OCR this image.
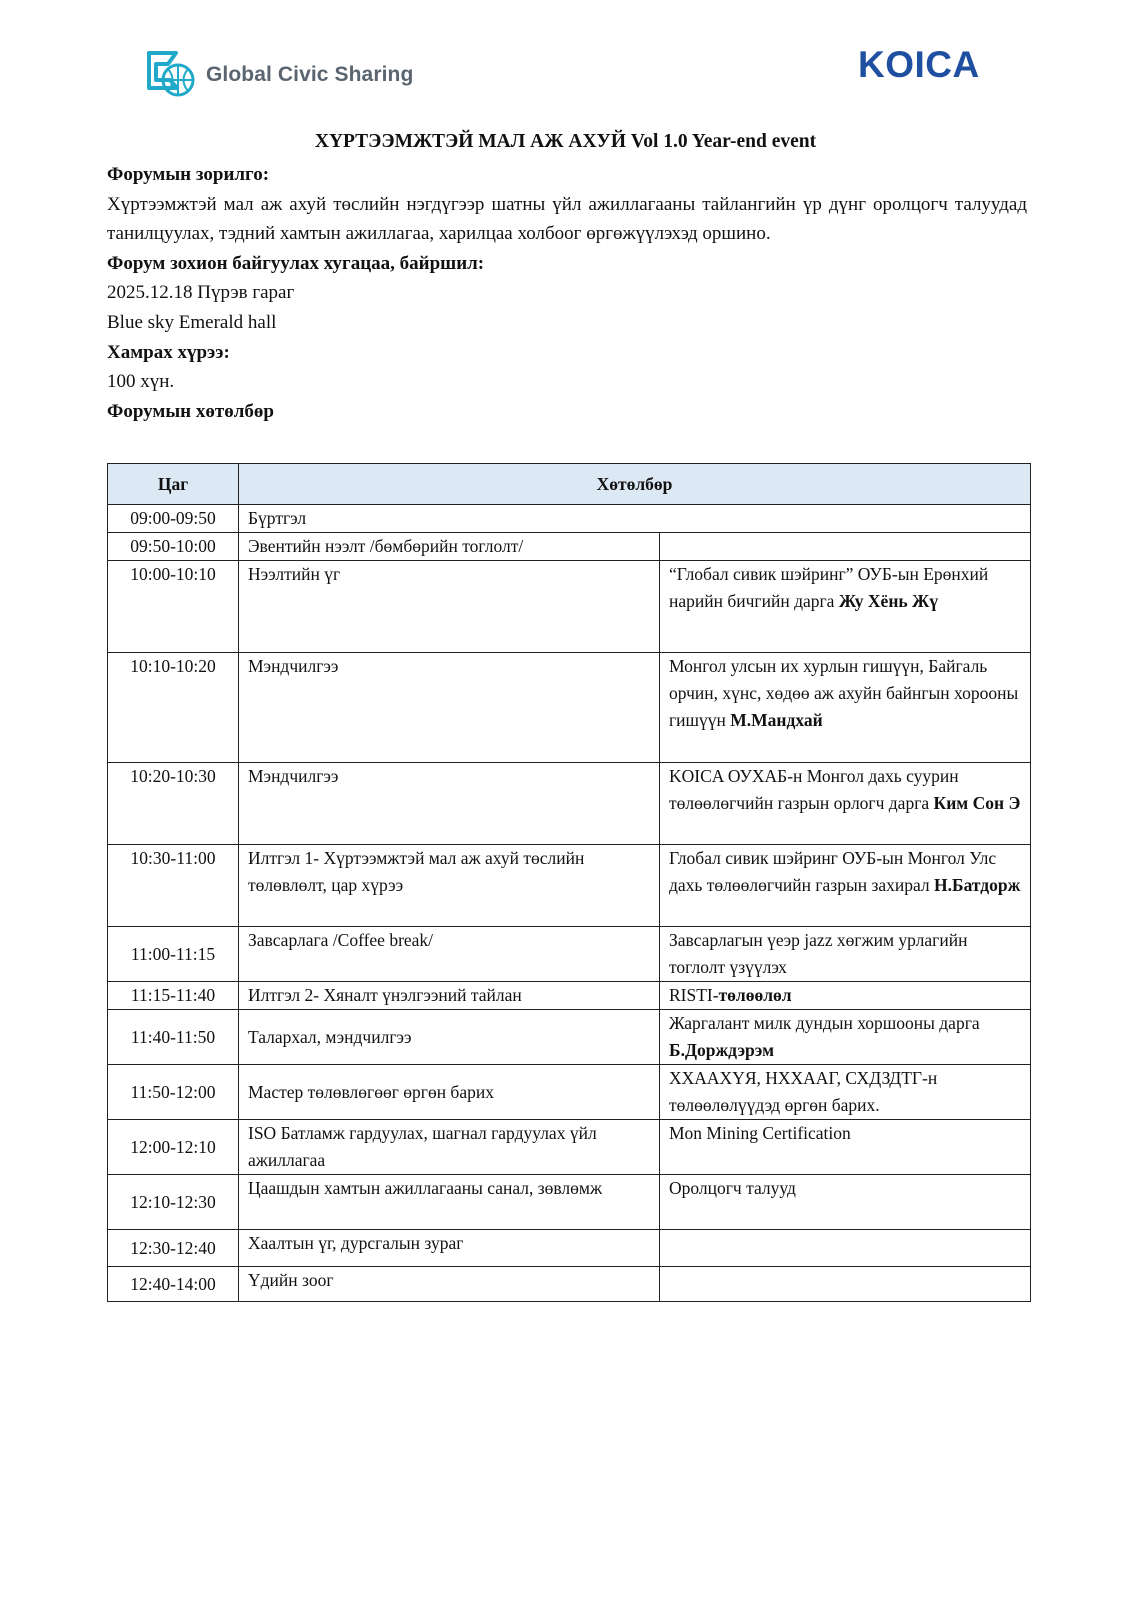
Global Civic Sharing	KOICA
ХҮРТЭЭМЖТЭЙ МАЛ АЖ АХУЙ Vol 1.0 Year-end event

Форумын зорилго:

Хүртээмжтэй мал аж ахуй төслийн нэгдүгээр шатны үйл ажиллагааны тайлангийн үр дүнг оролцогч талуудад танилцуулах, тэдний хамтын ажиллагаа, харилцаа холбоог өргөжүүлэхэд оршино.

Форум зохион байгуулах хугацаа, байршил:

2025.12.18 Пүрэв гараг

Blue sky Emerald hall

Хамрах хүрээ:

100 хүн.

Форумын хөтөлбөр

Цаг	Хөтөлбөр	
09:00-09:50	Бүртгэл	
09:50-10:00	Эвентийн нээлт /бөмбөрийн тоглолт/	
10:00-10:10	Нээлтийн үг	“Глобал сивик шэйринг” ОУБ-ын Ерөнхий нарийн бичгийн дарга Жу Хёнь Жү
10:10-10:20	Мэндчилгээ	Монгол улсын их хурлын гишүүн, Байгаль орчин, хүнс, хөдөө аж ахуйн байнгын хорооны гишүүн М.Мандхай
10:20-10:30	Мэндчилгээ	KOICA ОУХАБ-н Монгол дахь суурин төлөөлөгчийн газрын орлогч дарга Ким Сон Э
10:30-11:00	Илтгэл 1- Хүртээмжтэй мал аж ахуй төслийн төлөвлөлт, цар хүрээ	Глобал сивик шэйринг ОУБ-ын Монгол Улс дахь төлөөлөгчийн газрын захирал Н.Батдорж
11:00-11:15	Завсарлага /Coffee break/	Завсарлагын үеэр jazz хөгжим урлагийн тоглолт үзүүлэх
11:15-11:40	Илтгэл 2- Хяналт үнэлгээний тайлан	RISTI-төлөөлөл
11:40-11:50	Талархал, мэндчилгээ	Жаргалант милк дундын хоршооны дарга Б.Дорждэрэм
11:50-12:00	Мастер төлөвлөгөөг өргөн барих	ХХААХҮЯ, НХХААГ, СХДЗДТГ-н төлөөлөлүүдэд өргөн барих.
12:00-12:10	ISO Батламж гардуулах, шагнал гардуулах үйл ажиллагаа	Mon Mining Certification
12:10-12:30	Цаашдын хамтын ажиллагааны санал, зөвлөмж	Оролцогч талууд
12:30-12:40	Хаалтын үг, дурсгалын зураг	
12:40-14:00	Үдийн зоог	
